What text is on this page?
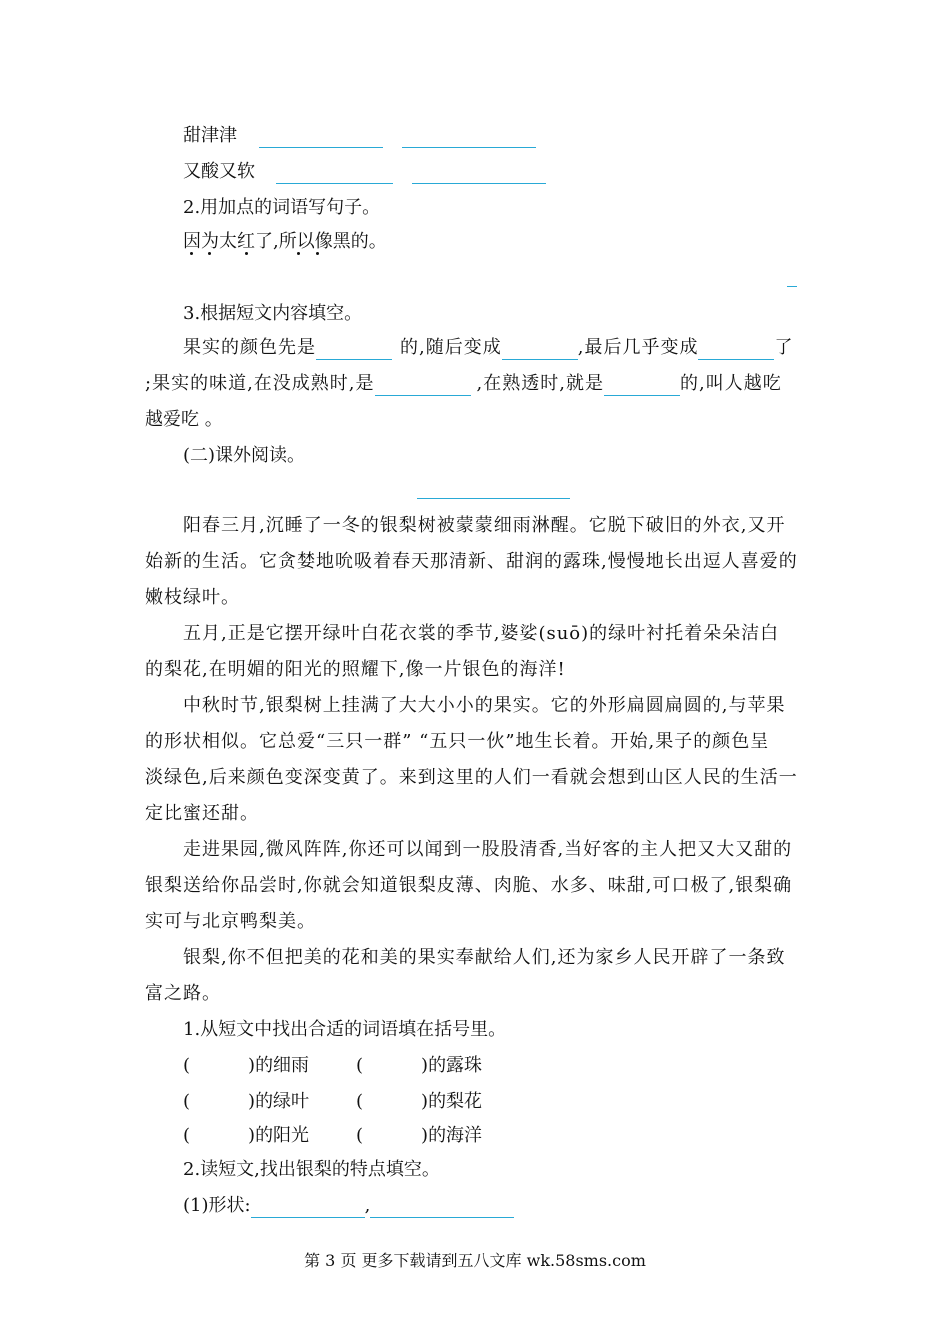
甜津津
又酸又软
2.用加点的词语写句子。
因为太红了,所以像黑的。
3.根据短文内容填空。
果实的颜色先是	的,随后变成	,最后几乎变成	了
;果实的味道,在没成熟时,是	,在熟透时,就是	的,叫人越吃
越爱吃 。
(二)课外阅读。
阳春三月,沉睡了一冬的银梨树被蒙蒙细雨淋醒。它脱下破旧的外衣,又开
始新的生活。它贪婪地吮吸着春天那清新、甜润的露珠,慢慢地长出逗人喜爱的
嫩枝绿叶。
五月,正是它摆开绿叶白花衣裳的季节,婆娑(suō)的绿叶衬托着朵朵洁白
的梨花,在明媚的阳光的照耀下,像一片银色的海洋!
中秋时节,银梨树上挂满了大大小小的果实。它的外形扁圆扁圆的,与苹果
的形状相似。它总爱“三只一群” “五只一伙”地生长着。开始,果子的颜色呈
淡绿色,后来颜色变深变黄了。来到这里的人们一看就会想到山区人民的生活一
定比蜜还甜。
走进果园,微风阵阵,你还可以闻到一股股清香,当好客的主人把又大又甜的
银梨送给你品尝时,你就会知道银梨皮薄、肉脆、水多、味甜,可口极了,银梨确
实可与北京鸭梨美。
银梨,你不但把美的花和美的果实奉献给人们,还为家乡人民开辟了一条致
富之路。
1.从短文中找出合适的词语填在括号里。
(	)的细雨	(	)的露珠
(	)的绿叶	(	)的梨花
(	)的阳光	(	)的海洋
2.读短文,找出银梨的特点填空。
(1)形状:	,
第 3 页 更多下载请到五八文库 wk.58sms.com
